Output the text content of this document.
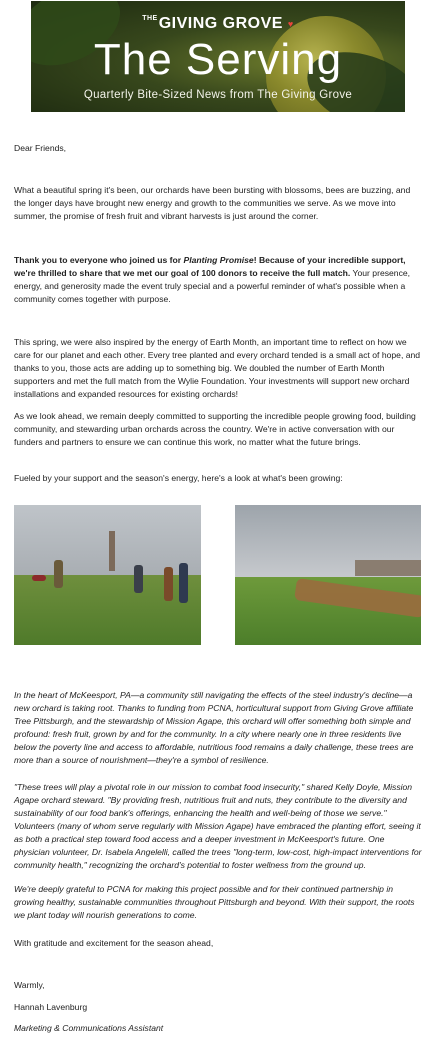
$^{THE}$GIVING GROVE ♥
The Serving
Quarterly Bite-Sized News from The Giving Grove

Dear Friends,

What a beautiful spring it's been, our orchards have been bursting with blossoms, bees are buzzing, and the longer days have brought new energy and growth to the communities we serve. As we move into summer, the promise of fresh fruit and vibrant harvests is just around the corner.

Thank you to everyone who joined us for Planting Promise! Because of your incredible support, we're thrilled to share that we met our goal of 100 donors to receive the full match. Your presence, energy, and generosity made the event truly special and a powerful reminder of what's possible when a community comes together with purpose.

This spring, we were also inspired by the energy of Earth Month, an important time to reflect on how we care for our planet and each other. Every tree planted and every orchard tended is a small act of hope, and thanks to you, those acts are adding up to something big. We doubled the number of Earth Month supporters and met the full match from the Wylie Foundation. Your investments will support new orchard installations and expanded resources for existing orchards!

As we look ahead, we remain deeply committed to supporting the incredible people growing food, building community, and stewarding urban orchards across the country. We're in active conversation with our funders and partners to ensure we can continue this work, no matter what the future brings.

Fueled by your support and the season's energy, here's a look at what's been growing:

In the heart of McKeesport, PA—a community still navigating the effects of the steel industry's decline—a new orchard is taking root. Thanks to funding from PCNA, horticultural support from Giving Grove affiliate Tree Pittsburgh, and the stewardship of Mission Agape, this orchard will offer something both simple and profound: fresh fruit, grown by and for the community. In a city where nearly one in three residents live below the poverty line and access to affordable, nutritious food remains a daily challenge, these trees are more than a source of nourishment—they're a symbol of resilience.

"These trees will play a pivotal role in our mission to combat food insecurity," shared Kelly Doyle, Mission Agape orchard steward. "By providing fresh, nutritious fruit and nuts, they contribute to the diversity and sustainability of our food bank's offerings, enhancing the health and well-being of those we serve." Volunteers (many of whom serve regularly with Mission Agape) have embraced the planting effort, seeing it as both a practical step toward food access and a deeper investment in McKeesport's future. One physician volunteer, Dr. Isabela Angelelli, called the trees "long-term, low-cost, high-impact interventions for community health," recognizing the orchard's potential to foster wellness from the ground up.

We're deeply grateful to PCNA for making this project possible and for their continued partnership in growing healthy, sustainable communities throughout Pittsburgh and beyond. With their support, the roots we plant today will nourish generations to come.

With gratitude and excitement for the season ahead,

Warmly,

Hannah Lavenburg

Marketing & Communications Assistant
